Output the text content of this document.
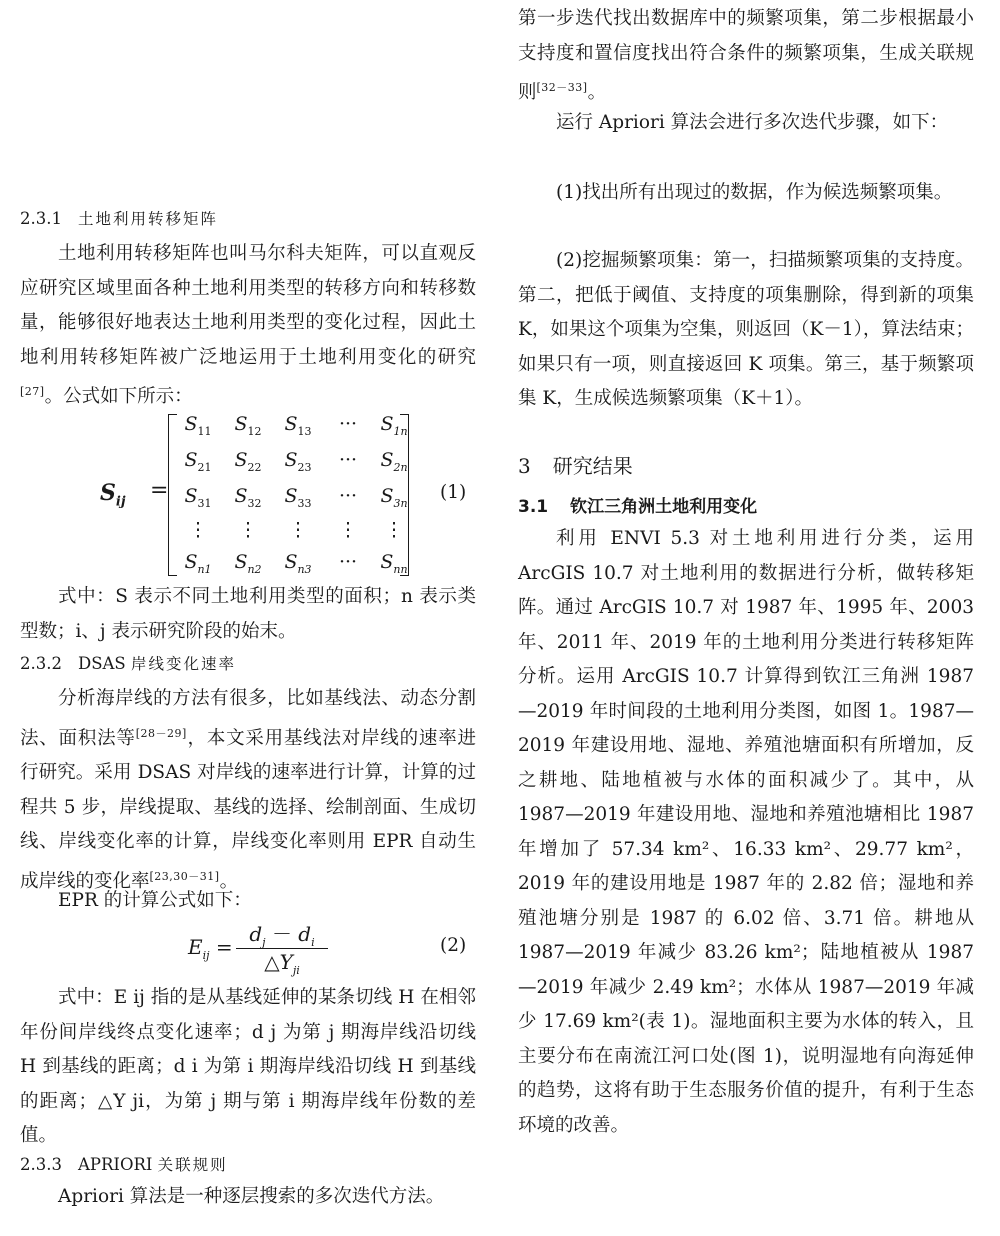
2.3.1 土地利用转移矩阵

土地利用转移矩阵也叫马尔科夫矩阵，可以直观反应研究区域里面各种土地利用类型的转移方向和转移数量，能够很好地表达土地利用类型的变化过程，因此土地利用转移矩阵被广泛地运用于土地利用变化的研究[27]。公式如下所示：

$S_{ij}$ =
$S_{11}$	$S_{12}$	$S_{13}$	···	$S_{1n}$
$S_{21}$	$S_{22}$	$S_{23}$	···	$S_{2n}$
$S_{31}$	$S_{32}$	$S_{33}$	···	$S_{3n}$
⋮	⋮	⋮	⋮	⋮
$S_{n1}$	$S_{n2}$	$S_{n3}$	···	$S_{nn}$
(1)

式中：S 表示不同土地利用类型的面积；n 表示类型数；i、j 表示研究阶段的始末。

2.3.2 DSAS 岸线变化速率

分析海岸线的方法有很多，比如基线法、动态分割法、面积法等[28－29]，本文采用基线法对岸线的速率进行研究。采用 DSAS 对岸线的速率进行计算，计算的过程共 5 步，岸线提取、基线的选择、绘制剖面、生成切线、岸线变化率的计算，岸线变化率则用 EPR 自动生成岸线的变化率[23,30－31]。

EPR 的计算公式如下：

$E_{ij}$ =
$d_j - d_i$
$\triangle Y_{ji}$
(2)

式中：E ij 指的是从基线延伸的某条切线 H 在相邻年份间岸线终点变化速率；d j 为第 j 期海岸线沿切线 H 到基线的距离；d i 为第 i 期海岸线沿切线 H 到基线的距离；△Y ji，为第 j 期与第 i 期海岸线年份数的差值。

2.3.3 APRIORI 关联规则

Apriori 算法是一种逐层搜索的多次迭代方法。

第一步迭代找出数据库中的频繁项集，第二步根据最小支持度和置信度找出符合条件的频繁项集，生成关联规则[32－33]。

运行 Apriori 算法会进行多次迭代步骤，如下：

(1)找出所有出现过的数据，作为候选频繁项集。

(2)挖掘频繁项集：第一，扫描频繁项集的支持度。第二，把低于阈值、支持度的项集删除，得到新的项集 K，如果这个项集为空集，则返回（K－1），算法结束；如果只有一项，则直接返回 K 项集。第三，基于频繁项集 K，生成候选频繁项集（K＋1）。

3 研究结果
3.1 钦江三角洲土地利用变化

利用 ENVI 5.3 对土地利用进行分类，运用 ArcGIS 10.7 对土地利用的数据进行分析，做转移矩阵。通过 ArcGIS 10.7 对 1987 年、1995 年、2003 年、2011 年、2019 年的土地利用分类进行转移矩阵分析。运用 ArcGIS 10.7 计算得到钦江三角洲 1987—2019 年时间段的土地利用分类图，如图 1。1987—2019 年建设用地、湿地、养殖池塘面积有所增加，反之耕地、陆地植被与水体的面积减少了。其中，从 1987—2019 年建设用地、湿地和养殖池塘相比 1987 年增加了 57.34 km²、16.33 km²、29.77 km²，2019 年的建设用地是 1987 年的 2.82 倍；湿地和养殖池塘分别是 1987 的 6.02 倍、3.71 倍。耕地从 1987—2019 年减少 83.26 km²；陆地植被从 1987—2019 年减少 2.49 km²；水体从 1987—2019 年减少 17.69 km²(表 1)。湿地面积主要为水体的转入，且主要分布在南流江河口处(图 1)，说明湿地有向海延伸的趋势，这将有助于生态服务价值的提升，有利于生态环境的改善。
